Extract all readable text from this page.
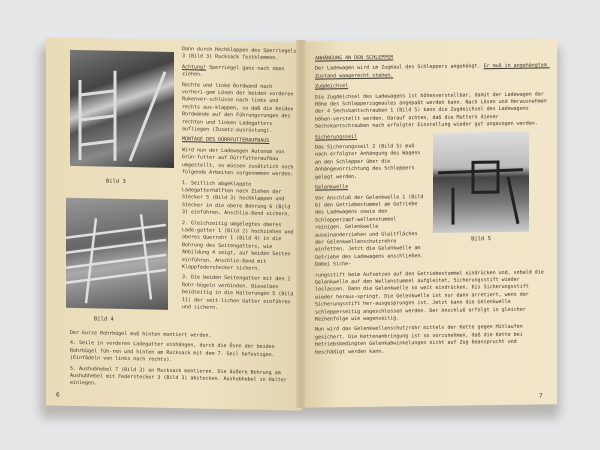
Bild 3
Bild 4
Dann durch Hochklappen des Sperriegels 3 (Bild 3) Rucksack festklemmen.
Achtung! Sperriegel ganz nach oben ziehen.
Rechte und linke Bordwand nach vorheri-gem Lösen der beiden vorderen Rukenver-schlüsse nach links und rechts aus-klappen, so daß die beiden Bordwände auf den Führungsrungen des rechten und linken Ladegatters aufliegen (Zusatz-ausrüstung).
MONTAGE DES DÜRRFUTTERAUFBAUS
Wird nun der Ladewagen Autonom von Grün-futter auf Dürrfutteraufbau umgestellt, so müssen zusätzlich noch folgende Arbeiten vorgenommen werden:
1. Seitlich abgeklappte Ladegatterhälften nach Ziehen der Stecker 5 (Bild 3) hochklappen und Stecker in die obere Bohrung 6 (Bild 3) einführen. Anschlie-ßend sichern.
2. Gleichzeitig umgelegtes oberes Lade-gatter 1 (Bild 2) hochziehen und oberes Querrohr 1 (Bild 4) in die Bohrung des Seitengatters, wie Abbildung 4 zeigt, auf beiden Seiten einführen. Anschlie-ßend mit Klappfederstecker sichern.
3. Die beiden Seitengatter mit den 2 Rohr-bügeln verbinden. Dieselben beidseitig in die Halterungen 5 (Bild 11) der seit-lichen Gatter einführen und sichern.
Der kurze Rohrbügel muß hinten montiert werden.
4. Seile in vorderen Ladegatter einhängen, durch die Ösen der beiden Rohrbügel füh-ren und hinten am Rucksack mit dem 7. Seil befestigen. (Einfädeln von links nach rechts).
5. Aushubhebel 7 (Bild 3) an Rucksack montieren. Die äußere Bohrung am Aushubhebel mit Federstecker 3 (Bild 3) abstecken. Aushubhebel in Halter einlegen.
6
ANHÄNGUNG AN DEN SCHLEPPER
Der Ladewagen wird im Zugmaul des Schleppers angehängt. Er muß in angehängtem Zustand waagerecht stehen.
Zugdeichsel
Die Zugdeichsel des Ladewagens ist höhenverstellbar, damit der Ladewagen der Höhe des Schlepperzugmaules angepaßt werden kann. Nach Lösen und Herausnehmen der 4 Sechskantschrauben 1 (Bild 5) kann die Zugdeichsel des Ladewagens höhen-verstellt werden. Darauf achten, daß die Muttern dieser Sechskantschrauben nach erfolgter Einstellung wieder gut angezogen werden.
Sicherungsseil
Das Sicherungsseil 2 (Bild 5) muß nach erfolgter Anhängung des Wagens an den Schlepper über die Anhängevorrichtung des Schleppers gelegt werden.
Gelenkwelle
Vor Anschluß der Gelenkwelle 1 (Bild 6) den Getriebestummel am Getriebe des Ladewagens sowie den Schlepperzapf-wellenstummel reinigen. Gelenkwelle auseinanderziehen und Gleitflächen der Gelenkwellenschutzrohre einfetten. Jetzt die Gelenkwelle am Getriebe des Ladewagens anschließen. Dabei Siche-
Bild 5
rungsstift beim Aufsetzen auf den Getriebestummel eindrücken und, sobald die Gelenkwelle auf den Wellenstummel aufgleitet, Sicherungsstift wieder loslassen. Dann die Gelenkwelle so weit eindrücken, bis Sicherungsstift wieder heraus-springt. Die Gelenkwelle ist nur dann arretiert, wenn der Sicherungsstift her-ausgesprungen ist. Jetzt kann die Gelenkwelle schlepperseitig angeschlossen werden. Der Anschluß erfolgt in gleicher Reihenfolge wie wagenseitig.
Nun wird das Gelenkwellenschutzrohr mittels der Kette gegen Mitlaufen gesichert. Die Kettenanbringung ist so vorzunehmen, daß die Kette bei betriebsbedingten Gelenkabwinkelungen nicht auf Zug beansprucht und beschädigt werden kann.
7
